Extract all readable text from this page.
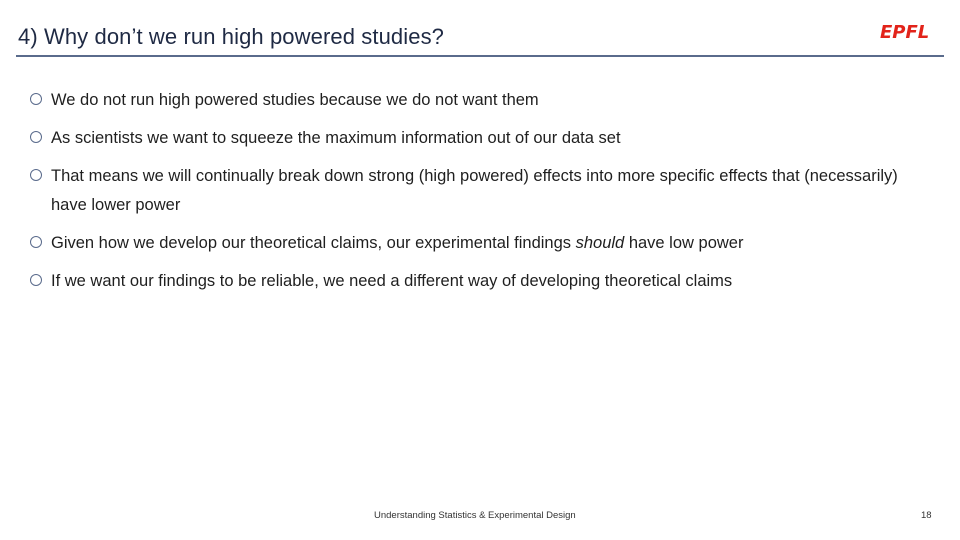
4) Why don’t we run high powered studies?	EPFL
We do not run high powered studies because we do not want them
As scientists we want to squeeze the maximum information out of our data set
That means we will continually break down strong (high powered) effects into more specific effects that (necessarily) have lower power
Given how we develop our theoretical claims, our experimental findings should have low power
If we want our findings to be reliable, we need a different way of developing theoretical claims
Understanding Statistics & Experimental Design	18
